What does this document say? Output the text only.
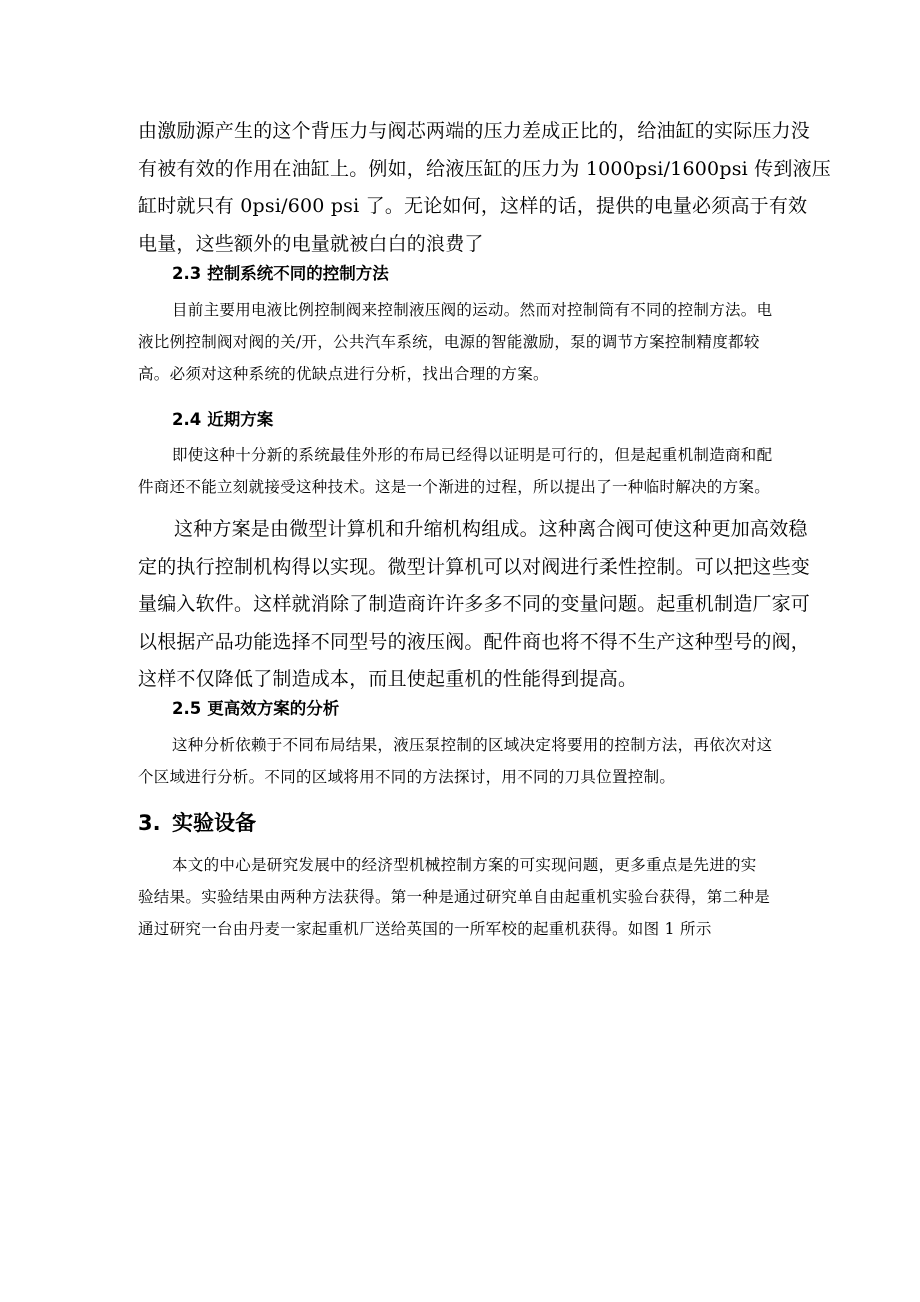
由激励源产生的这个背压力与阀芯两端的压力差成正比的，给油缸的实际压力没
有被有效的作用在油缸上。例如，给液压缸的压力为 1000psi/1600psi 传到液压
缸时就只有 0psi/600 psi 了。无论如何，这样的话，提供的电量必须高于有效
电量，这些额外的电量就被白白的浪费了
2.3 控制系统不同的控制方法
目前主要用电液比例控制阀来控制液压阀的运动。然而对控制筒有不同的控制方法。电
液比例控制阀对阀的关/开，公共汽车系统，电源的智能激励，泵的调节方案控制精度都较
高。必须对这种系统的优缺点进行分析，找出合理的方案。
2.4 近期方案
即使这种十分新的系统最佳外形的布局已经得以证明是可行的，但是起重机制造商和配
件商还不能立刻就接受这种技术。这是一个渐进的过程，所以提出了一种临时解决的方案。
这种方案是由微型计算机和升缩机构组成。这种离合阀可使这种更加高效稳
定的执行控制机构得以实现。微型计算机可以对阀进行柔性控制。可以把这些变
量编入软件。这样就消除了制造商许许多多不同的变量问题。起重机制造厂家可
以根据产品功能选择不同型号的液压阀。配件商也将不得不生产这种型号的阀，
这样不仅降低了制造成本，而且使起重机的性能得到提高。
2.5 更高效方案的分析
这种分析依赖于不同布局结果，液压泵控制的区域决定将要用的控制方法，再依次对这
个区域进行分析。不同的区域将用不同的方法探讨，用不同的刀具位置控制。
3. 实验设备
本文的中心是研究发展中的经济型机械控制方案的可实现问题，更多重点是先进的实
验结果。实验结果由两种方法获得。第一种是通过研究单自由起重机实验台获得，第二种是
通过研究一台由丹麦一家起重机厂送给英国的一所军校的起重机获得。如图 1 所示
